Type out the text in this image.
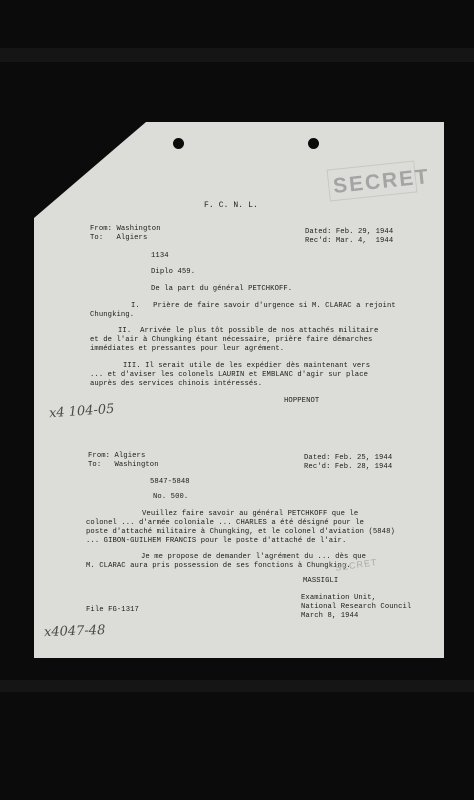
SECRET
F. C. N. L.
From: Washington
To:   Algiers
Dated: Feb. 29, 1944
Rec'd: Mar. 4,  1944
1134
Diplo 459.
De la part du général PETCHKOFF.
I.   Prière de faire savoir d'urgence si M. CLARAC a rejoint
Chungking.
II.  Arrivée le plus tôt possible de nos attachés militaire
et de l'air à Chungking étant nécessaire, prière faire démarches
immédiates et pressantes pour leur agrément.
III. Il serait utile de les expédier dès maintenant vers
... et d'aviser les colonels LAURIN et EMBLANC d'agir sur place
auprès des services chinois intéressés.
HOPPENOT
x4 104-05
From: Algiers
To:   Washington
Dated: Feb. 25, 1944
Rec'd: Feb. 28, 1944
5847-5848
No. 500.
Veuillez faire savoir au général PETCHKOFF que le
colonel ... d'armée coloniale ... CHARLES a été désigné pour le
poste d'attaché militaire à Chungking, et le colonel d'aviation (5848)
... GIBON-GUILHEM FRANCIS pour le poste d'attaché de l'air.
Je me propose de demander l'agrément du ... dès que
M. CLARAC aura pris possession de ses fonctions à Chungking.
SECRET
MASSIGLI
Examination Unit,
National Research Council
March 8, 1944
File FG-1317
x4047-48
